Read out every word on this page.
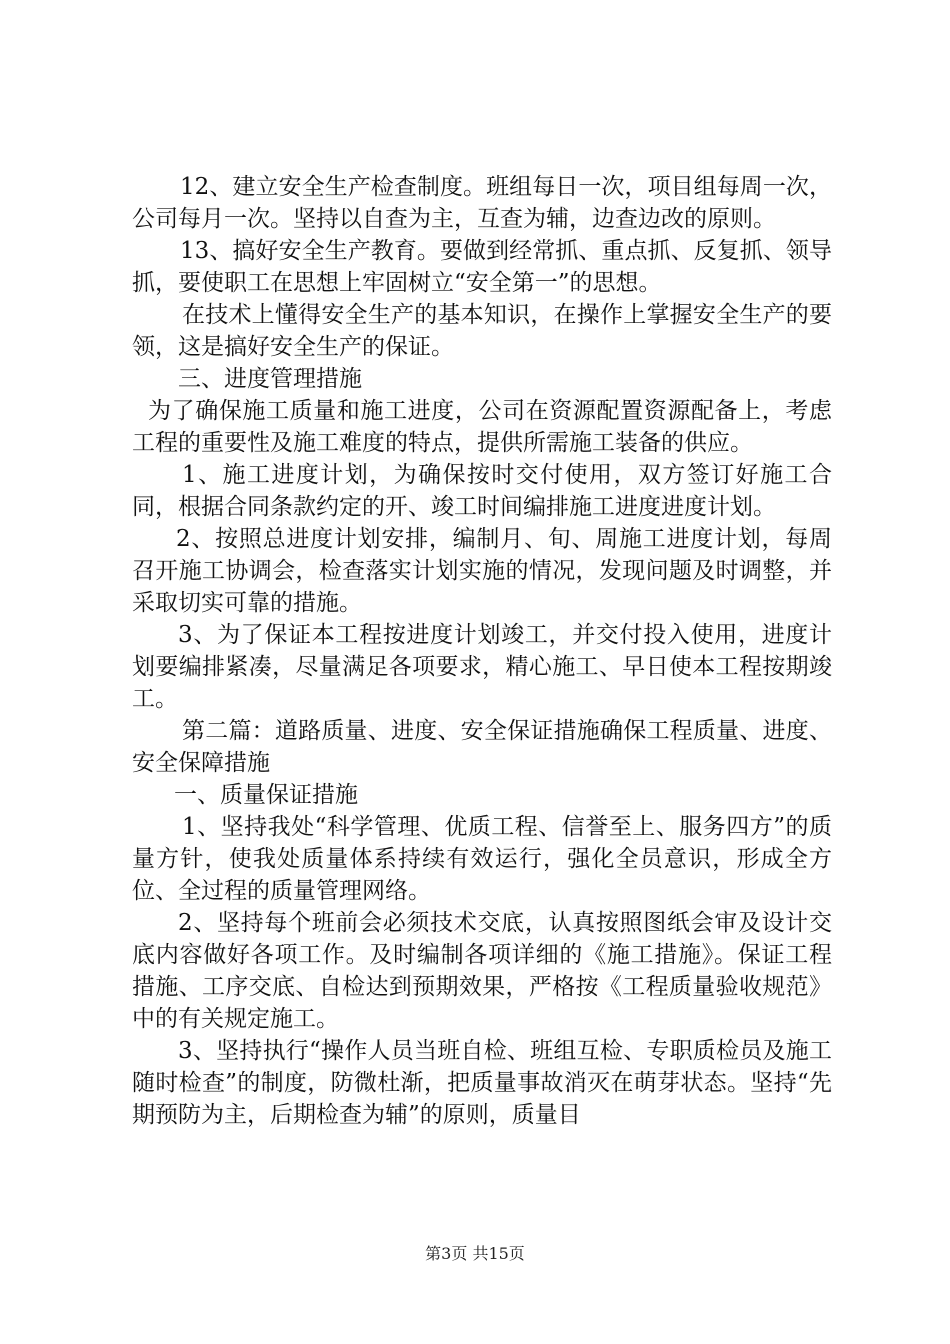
12、建立安全生产检查制度。班组每日一次，项目组每周一次，公司每月一次。坚持以自查为主，互查为辅，边查边改的原则。

13、搞好安全生产教育。要做到经常抓、重点抓、反复抓、领导抓，要使职工在思想上牢固树立“安全第一”的思想。

在技术上懂得安全生产的基本知识，在操作上掌握安全生产的要领，这是搞好安全生产的保证。

三、进度管理措施

为了确保施工质量和施工进度，公司在资源配置资源配备上，考虑工程的重要性及施工难度的特点，提供所需施工装备的供应。

1、施工进度计划，为确保按时交付使用，双方签订好施工合同，根据合同条款约定的开、竣工时间编排施工进度进度计划。

2、按照总进度计划安排，编制月、旬、周施工进度计划，每周召开施工协调会，检查落实计划实施的情况，发现问题及时调整，并采取切实可靠的措施。

3、为了保证本工程按进度计划竣工，并交付投入使用，进度计划要编排紧凑，尽量满足各项要求，精心施工、早日使本工程按期竣工。

第二篇：道路质量、进度、安全保证措施确保工程质量、进度、安全保障措施

一、质量保证措施

1、坚持我处“科学管理、优质工程、信誉至上、服务四方”的质量方针，使我处质量体系持续有效运行，强化全员意识，形成全方位、全过程的质量管理网络。

2、坚持每个班前会必须技术交底，认真按照图纸会审及设计交底内容做好各项工作。及时编制各项详细的《施工措施》。保证工程措施、工序交底、自检达到预期效果，严格按《工程质量验收规范》中的有关规定施工。

3、坚持执行“操作人员当班自检、班组互检、专职质检员及施工随时检查”的制度，防微杜渐，把质量事故消灭在萌芽状态。坚持“先期预防为主，后期检查为辅”的原则，质量目

第3页 共15页
